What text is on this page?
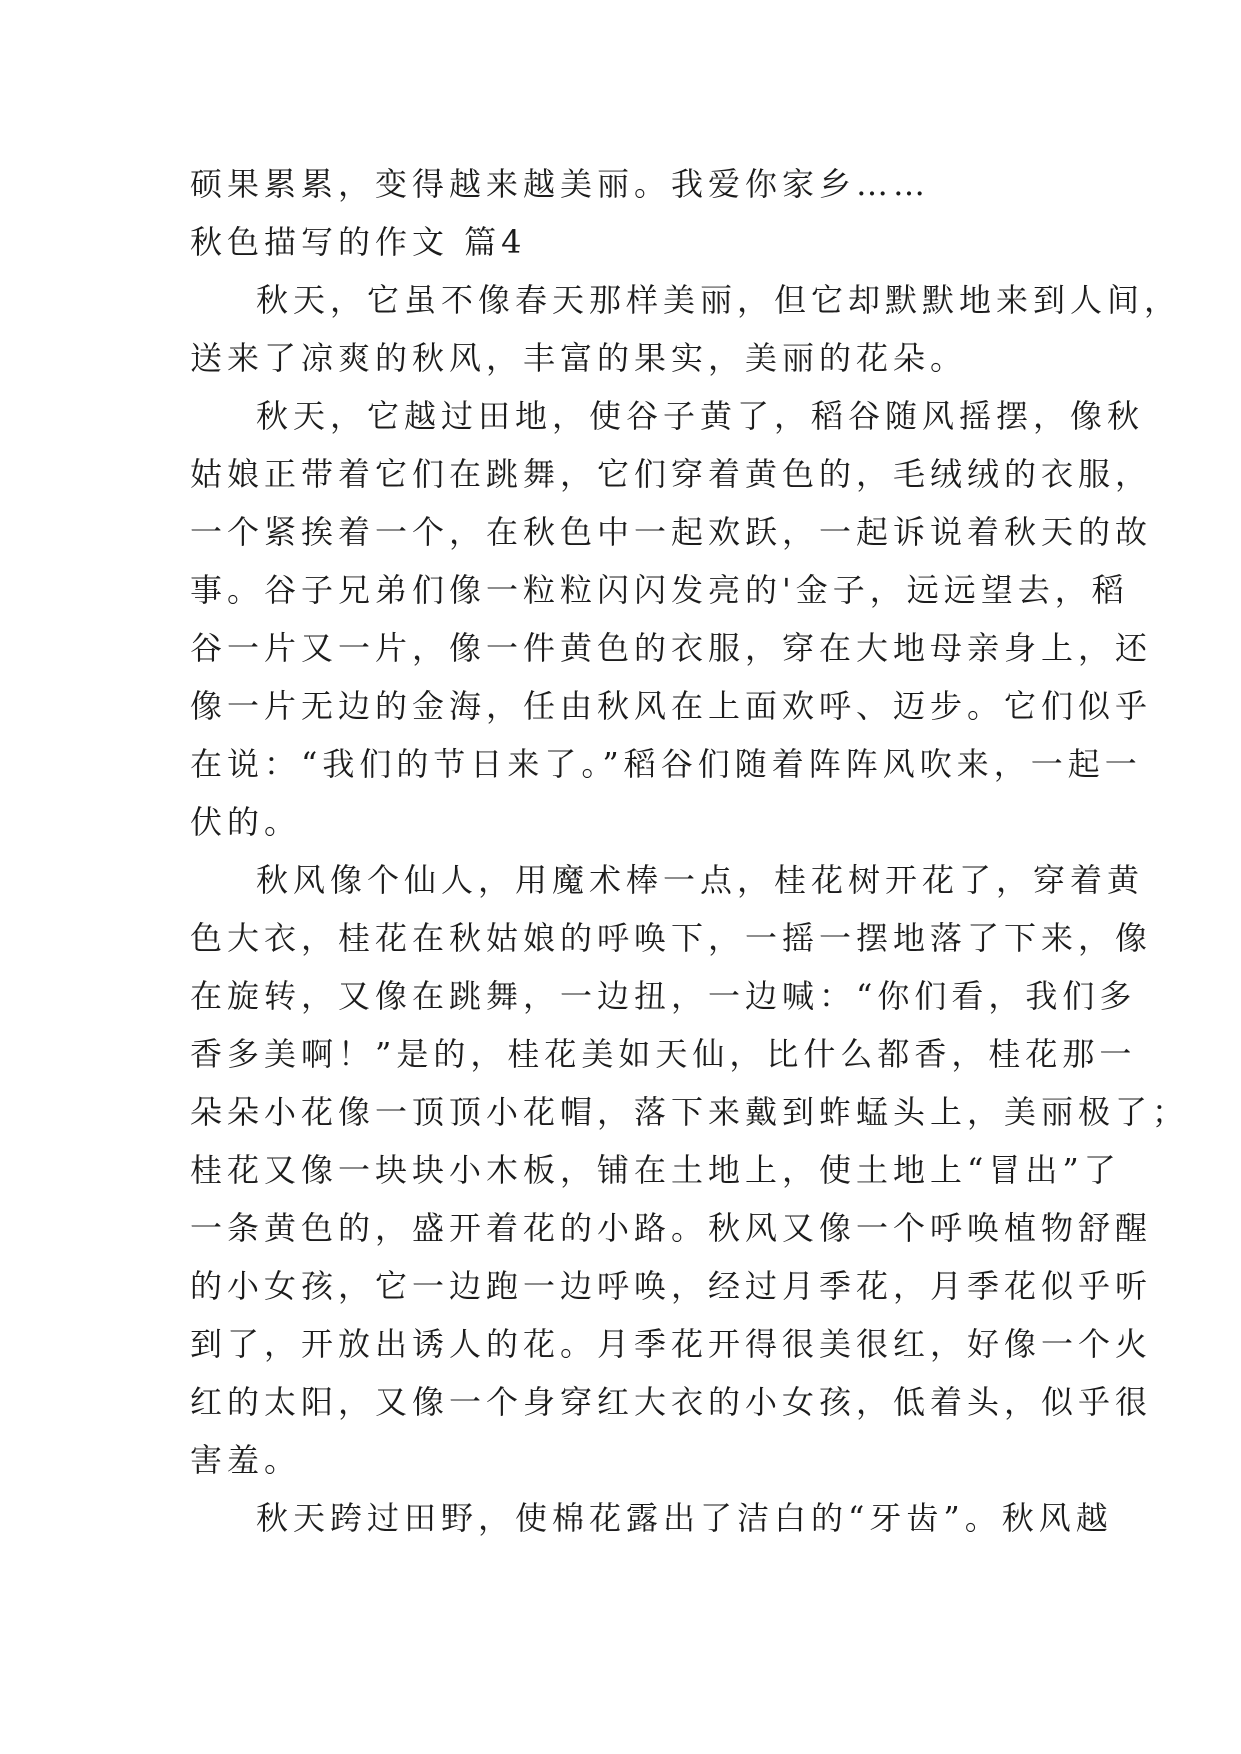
硕果累累，变得越来越美丽。我爱你家乡……

秋色描写的作文 篇4

秋天，它虽不像春天那样美丽，但它却默默地来到人间，

送来了凉爽的秋风，丰富的果实，美丽的花朵。

秋天，它越过田地，使谷子黄了，稻谷随风摇摆，像秋

姑娘正带着它们在跳舞，它们穿着黄色的，毛绒绒的衣服，

一个紧挨着一个，在秋色中一起欢跃，一起诉说着秋天的故

事。谷子兄弟们像一粒粒闪闪发亮的'金子，远远望去，稻

谷一片又一片，像一件黄色的衣服，穿在大地母亲身上，还

像一片无边的金海，任由秋风在上面欢呼、迈步。它们似乎

在说：“我们的节日来了。”稻谷们随着阵阵风吹来，一起一

伏的。

秋风像个仙人，用魔术棒一点，桂花树开花了，穿着黄

色大衣，桂花在秋姑娘的呼唤下，一摇一摆地落了下来，像

在旋转，又像在跳舞，一边扭，一边喊：“你们看，我们多

香多美啊！”是的，桂花美如天仙，比什么都香，桂花那一

朵朵小花像一顶顶小花帽，落下来戴到蚱蜢头上，美丽极了；

桂花又像一块块小木板，铺在土地上，使土地上“冒出”了

一条黄色的，盛开着花的小路。秋风又像一个呼唤植物舒醒

的小女孩，它一边跑一边呼唤，经过月季花，月季花似乎听

到了，开放出诱人的花。月季花开得很美很红，好像一个火

红的太阳，又像一个身穿红大衣的小女孩，低着头，似乎很

害羞。

秋天跨过田野，使棉花露出了洁白的“牙齿”。秋风越
